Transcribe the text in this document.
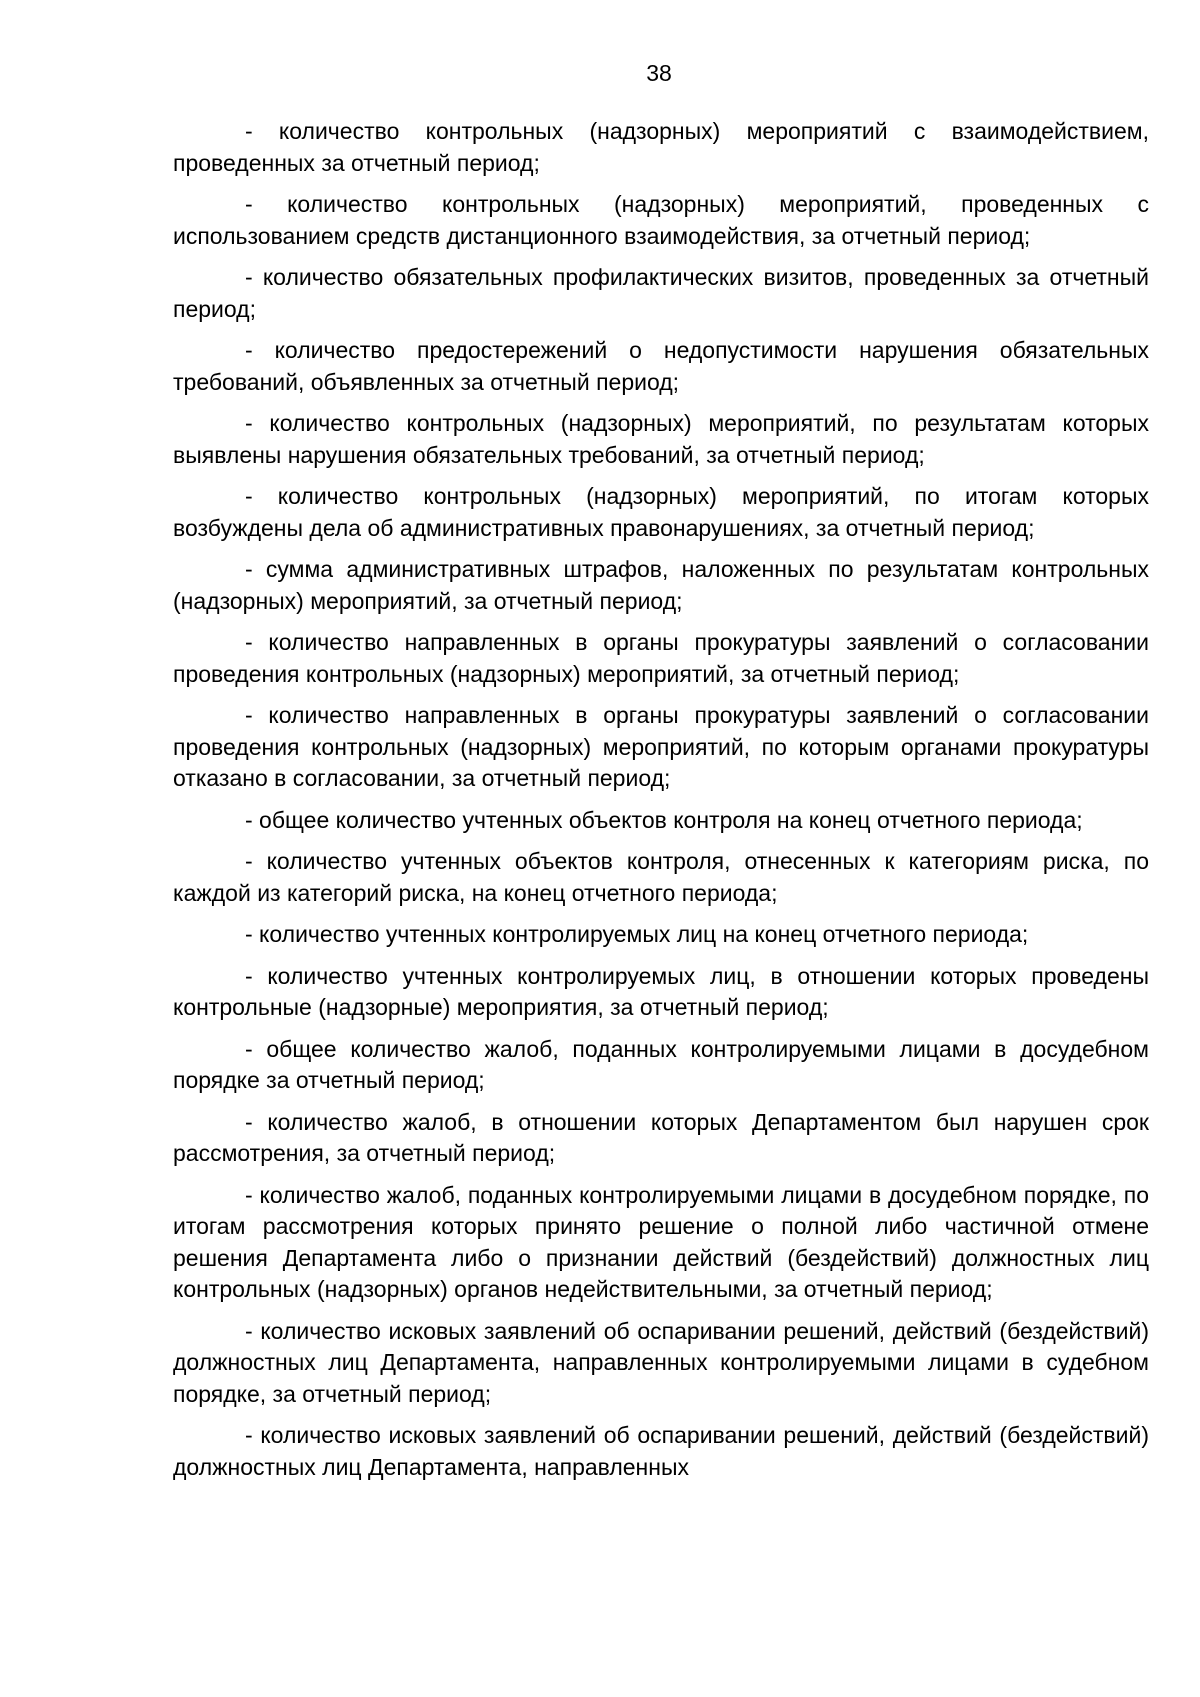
38

- количество контрольных (надзорных) мероприятий с взаимодействием, проведенных за отчетный период;

- количество контрольных (надзорных) мероприятий, проведенных с использованием средств дистанционного взаимодействия, за отчетный период;

- количество обязательных профилактических визитов, проведенных за отчетный период;

- количество предостережений о недопустимости нарушения обязательных требований, объявленных за отчетный период;

- количество контрольных (надзорных) мероприятий, по результатам которых выявлены нарушения обязательных требований, за отчетный период;

- количество контрольных (надзорных) мероприятий, по итогам которых возбуждены дела об административных правонарушениях, за отчетный период;

- сумма административных штрафов, наложенных по результатам контрольных (надзорных) мероприятий, за отчетный период;

- количество направленных в органы прокуратуры заявлений о согласовании проведения контрольных (надзорных) мероприятий, за отчетный период;

- количество направленных в органы прокуратуры заявлений о согласовании проведения контрольных (надзорных) мероприятий, по которым органами прокуратуры отказано в согласовании, за отчетный период;

- общее количество учтенных объектов контроля на конец отчетного периода;

- количество учтенных объектов контроля, отнесенных к категориям риска, по каждой из категорий риска, на конец отчетного периода;

- количество учтенных контролируемых лиц на конец отчетного периода;

- количество учтенных контролируемых лиц, в отношении которых проведены контрольные (надзорные) мероприятия, за отчетный период;

- общее количество жалоб, поданных контролируемыми лицами в досудебном порядке за отчетный период;

- количество жалоб, в отношении которых Департаментом был нарушен срок рассмотрения, за отчетный период;

- количество жалоб, поданных контролируемыми лицами в досудебном порядке, по итогам рассмотрения которых принято решение о полной либо частичной отмене решения Департамента либо о признании действий (бездействий) должностных лиц контрольных (надзорных) органов недействительными, за отчетный период;

- количество исковых заявлений об оспаривании решений, действий (бездействий) должностных лиц Департамента, направленных контролируемыми лицами в судебном порядке, за отчетный период;

- количество исковых заявлений об оспаривании решений, действий (бездействий) должностных лиц Департамента, направленных
